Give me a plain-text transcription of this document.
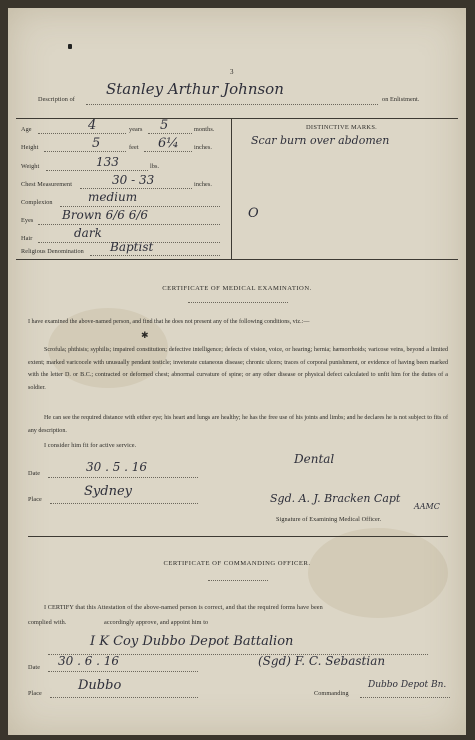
3
Description of
Stanley Arthur Johnson
on Enlistment.
Age	4	years 5	months.
Height	5	feet 6¼ inches.
Weight	133	lbs.
Chest Measurement	30 - 33	inches.
Complexion	medium
Eyes Brown 6/6 6/6
Hair	dark
Religious Denomination Baptist
DISTINCTIVE MARKS.
Scar burn over abdomen
O
CERTIFICATE OF MEDICAL EXAMINATION.
I have examined the above-named person, and find that he does not present any of the following conditions, viz.:—
✱
Scrofula; phthisis; syphilis; impaired constitution; defective intelligence; defects of vision, voice, or hearing; hernia; hæmorrhoids; varicose veins, beyond a limited extent; marked varicocele with unusually pendant testicle; inveterate cutaneous disease; chronic ulcers; traces of corporal punishment, or evidence of having been marked with the letter D. or B.C.; contracted or deformed chest; abnormal curvature of spine; or any other disease or physical defect calculated to unfit him for the duties of a soldier.
He can see the required distance with either eye; his heart and lungs are healthy; he has the free use of his joints and limbs; and he declares he is not subject to fits of any description.
I consider him fit for active service.
Date	30 . 5 . 16
Place
Sydney
Dental
Sgd. A. J. Bracken Capt
AAMC
Signature of Examining Medical Officer.
CERTIFICATE OF COMMANDING OFFICER.
I CERTIFY that this Attestation of the above-named person is correct, and that the required forms have been
complied with.	accordingly approve, and appoint him to
I K Coy Dubbo Depot Battalion
Date 30 . 6 . 16	(Sgd) F. C. Sebastian
Place
Dubbo
Commanding
Dubbo Depot Bn.
